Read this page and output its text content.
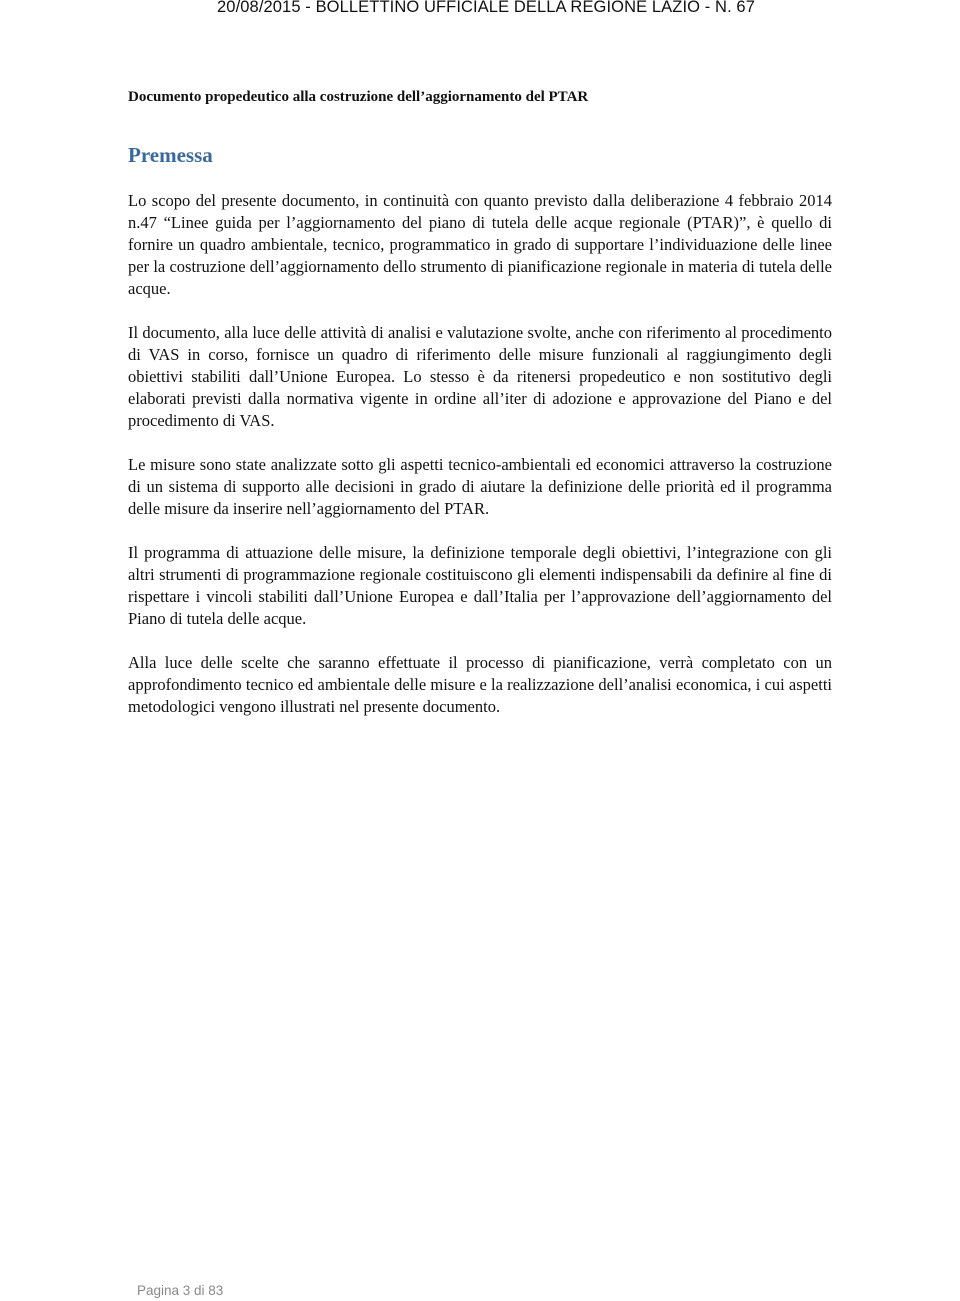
20/08/2015 - BOLLETTINO UFFICIALE DELLA REGIONE LAZIO - N. 67
Documento propedeutico alla costruzione dell’aggiornamento del PTAR
Premessa

Lo scopo del presente documento, in continuità con quanto previsto dalla deliberazione 4 febbraio 2014 n.47 “Linee guida per l’aggiornamento del piano di tutela delle acque regionale (PTAR)”, è quello di fornire un quadro ambientale, tecnico, programmatico in grado di supportare l’individuazione delle linee per la costruzione dell’aggiornamento dello strumento di pianificazione regionale in materia di tutela delle acque.

Il documento, alla luce delle attività di analisi e valutazione svolte, anche con riferimento al procedimento di VAS in corso, fornisce un quadro di riferimento delle misure funzionali al raggiungimento degli obiettivi stabiliti dall’Unione Europea. Lo stesso è da ritenersi propedeutico e non sostitutivo degli elaborati previsti dalla normativa vigente in ordine all’iter di adozione e approvazione del Piano e del procedimento di VAS.

Le misure sono state analizzate sotto gli aspetti tecnico-ambientali ed economici attraverso la costruzione di un sistema di supporto alle decisioni in grado di aiutare la definizione delle priorità ed il programma delle misure da inserire nell’aggiornamento del PTAR.

Il programma di attuazione delle misure, la definizione temporale degli obiettivi, l’integrazione con gli altri strumenti di programmazione regionale costituiscono gli elementi indispensabili da definire al fine di rispettare i vincoli stabiliti dall’Unione Europea e dall’Italia per l’approvazione dell’aggiornamento del Piano di tutela delle acque.

Alla luce delle scelte che saranno effettuate il processo di pianificazione, verrà completato con un approfondimento tecnico ed ambientale delle misure e la realizzazione dell’analisi economica, i cui aspetti metodologici vengono illustrati nel presente documento.

Pagina 3 di 83
